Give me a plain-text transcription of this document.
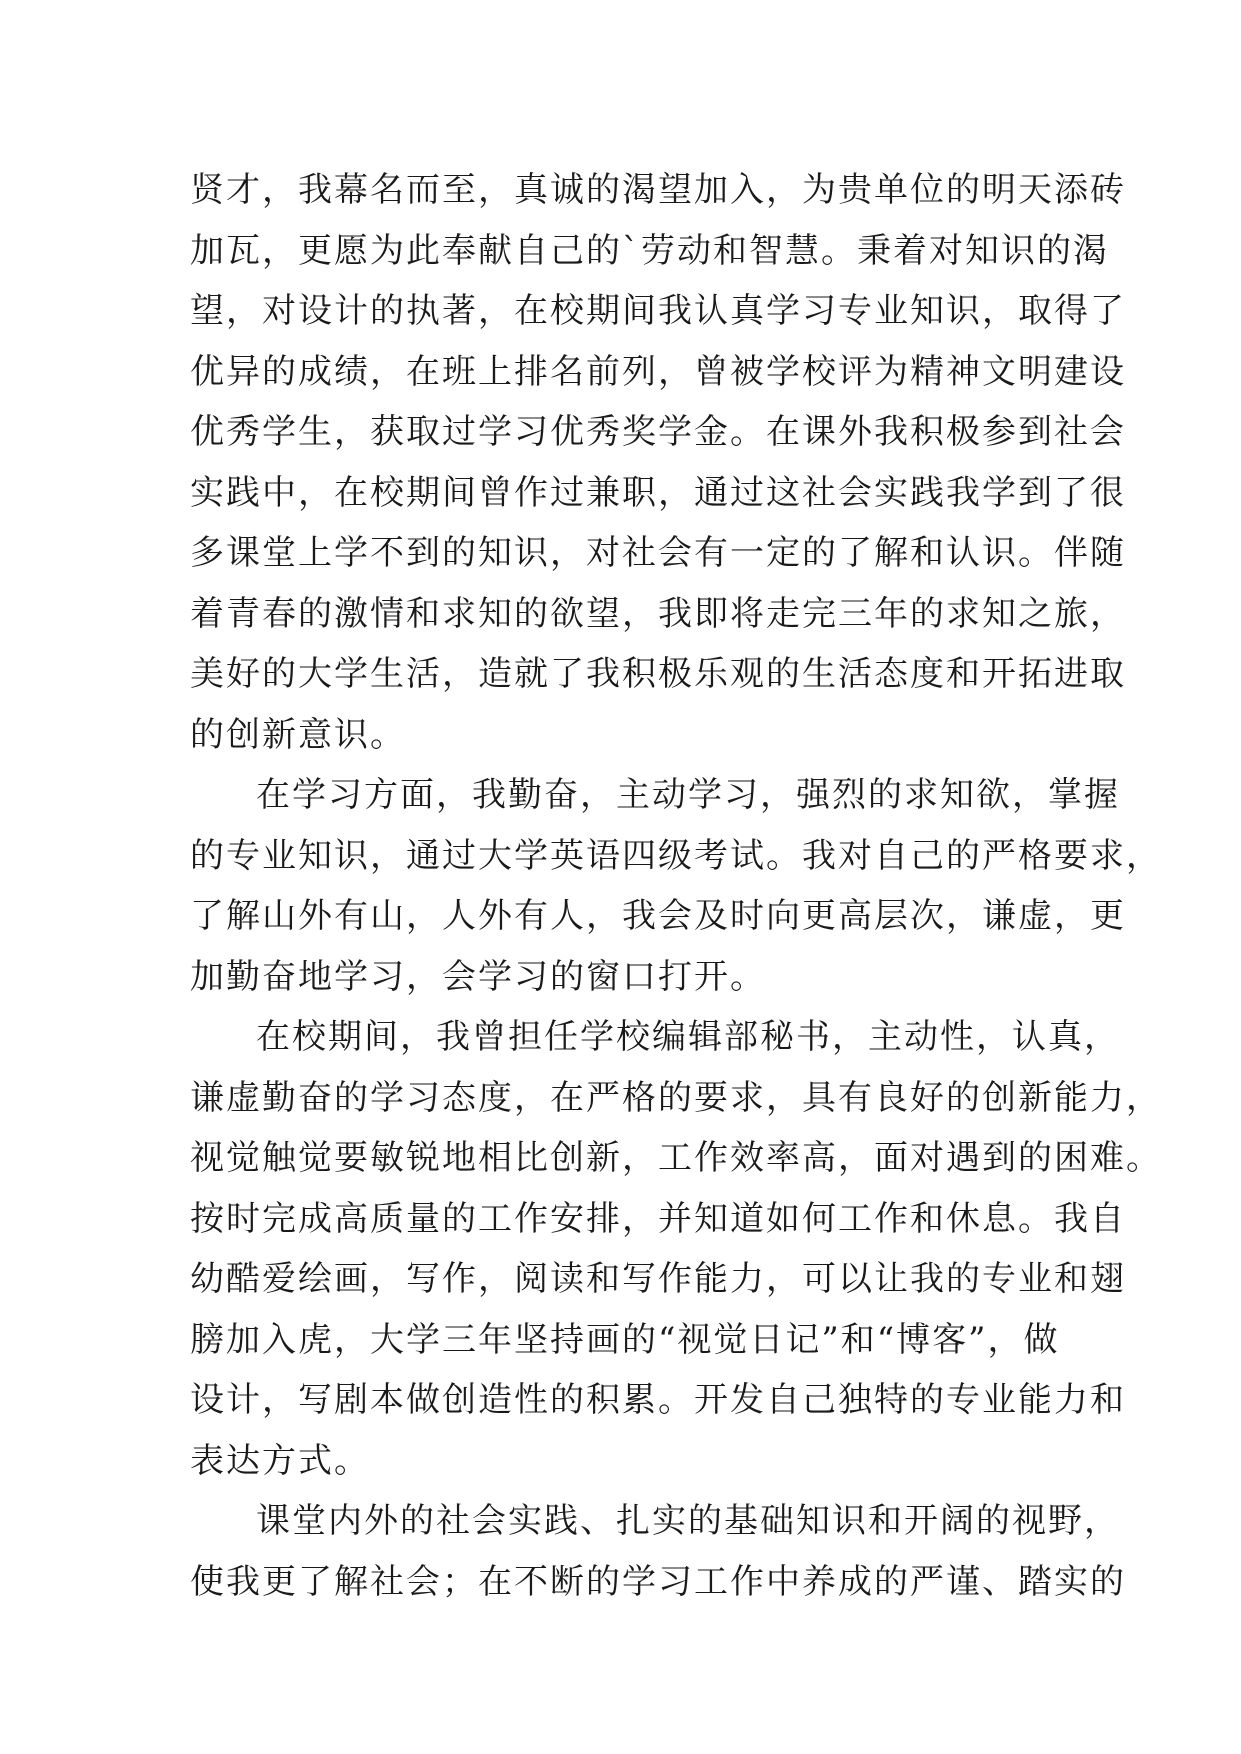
贤才，我幕名而至，真诚的渴望加入，为贵单位的明天添砖
加瓦，更愿为此奉献自己的`劳动和智慧。秉着对知识的渴
望，对设计的执著，在校期间我认真学习专业知识，取得了
优异的成绩，在班上排名前列，曾被学校评为精神文明建设
优秀学生，获取过学习优秀奖学金。在课外我积极参到社会
实践中，在校期间曾作过兼职，通过这社会实践我学到了很
多课堂上学不到的知识，对社会有一定的了解和认识。伴随
着青春的激情和求知的欲望，我即将走完三年的求知之旅，
美好的大学生活，造就了我积极乐观的生活态度和开拓进取
的创新意识。
在学习方面，我勤奋，主动学习，强烈的求知欲，掌握
的专业知识，通过大学英语四级考试。我对自己的严格要求，
了解山外有山，人外有人，我会及时向更高层次，谦虚，更
加勤奋地学习，会学习的窗口打开。
在校期间，我曾担任学校编辑部秘书，主动性，认真，
谦虚勤奋的学习态度，在严格的要求，具有良好的创新能力，
视觉触觉要敏锐地相比创新，工作效率高，面对遇到的困难。
按时完成高质量的工作安排，并知道如何工作和休息。我自
幼酷爱绘画，写作，阅读和写作能力，可以让我的专业和翅
膀加入虎，大学三年坚持画的“视觉日记”和“博客”，做
设计，写剧本做创造性的积累。开发自己独特的专业能力和
表达方式。
课堂内外的社会实践、扎实的基础知识和开阔的视野，
使我更了解社会；在不断的学习工作中养成的严谨、踏实的
